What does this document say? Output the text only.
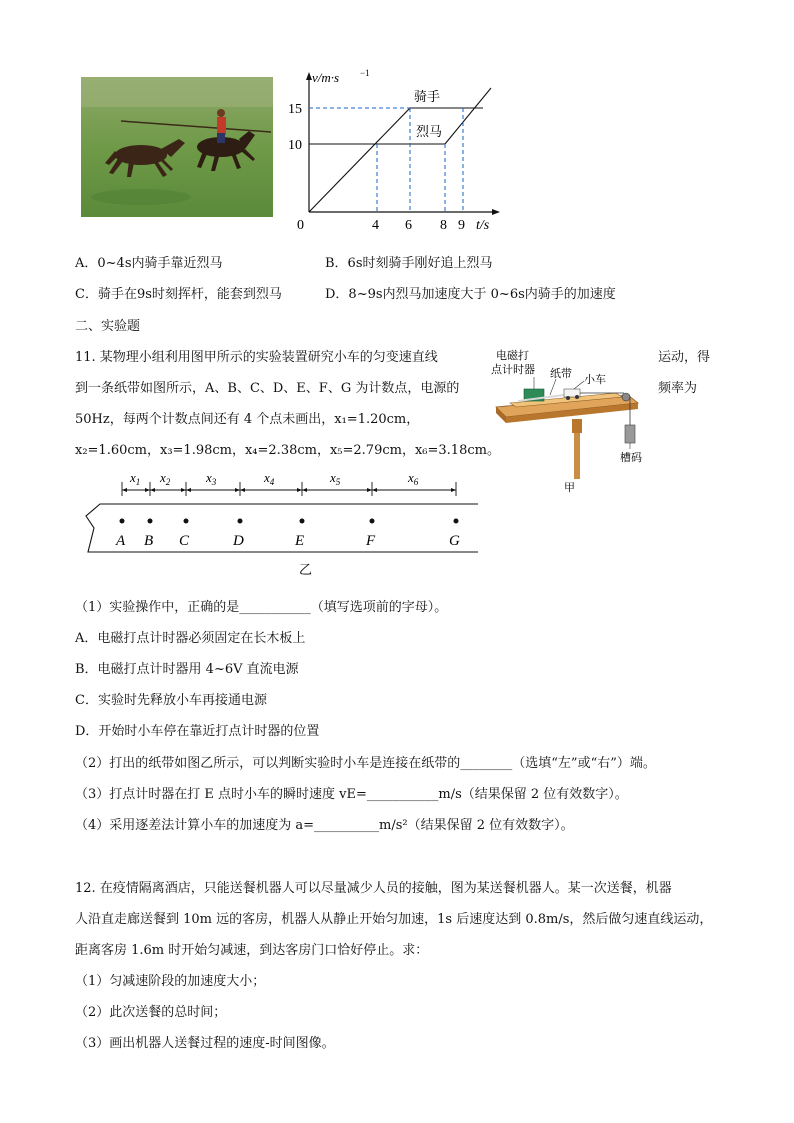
v/m·s −1
15
10
0	4 6 8 9 t/s
骑手
烈马
A．0~4s内骑手靠近烈马	B．6s时刻骑手刚好追上烈马
C．骑手在9s时刻挥杆，能套到烈马	D．8~9s内烈马加速度大于 0~6s内骑手的加速度
二、实验题
11. 某物理小组利用图甲所示的实验装置研究小车的匀变速直线	运动，得
到一条纸带如图所示，A、B、C、D、E、F、G 为计数点，电源的	频率为
50Hz，每两个计数点间还有 4 个点未画出，x₁=1.20cm，
x₂=1.60cm，x₃=1.98cm，x₄=2.38cm，x₅=2.79cm，x₆=3.18cm。
电磁打
点计时器 纸带 小车
槽码
甲
$x_1$ $x_2$	$x_3$	$x_4$	$x_5$	$x_6$
A B C	D	E	F	G
乙
（1）实验操作中，正确的是___________（填写选项前的字母）。
A．电磁打点计时器必须固定在长木板上
B．电磁打点计时器用 4~6V 直流电源
C．实验时先释放小车再接通电源
D．开始时小车停在靠近打点计时器的位置
（2）打出的纸带如图乙所示，可以判断实验时小车是连接在纸带的________（选填“左”或“右”）端。
（3）打点计时器在打 E 点时小车的瞬时速度 vE=___________m/s（结果保留 2 位有效数字）。
（4）采用逐差法计算小车的加速度为 a=__________m/s²（结果保留 2 位有效数字）。
12. 在疫情隔离酒店，只能送餐机器人可以尽量减少人员的接触，图为某送餐机器人。某一次送餐，机器
人沿直走廊送餐到 10m 远的客房，机器人从静止开始匀加速，1s 后速度达到 0.8m/s，然后做匀速直线运动，
距离客房 1.6m 时开始匀减速，到达客房门口恰好停止。求：
（1）匀减速阶段的加速度大小；
（2）此次送餐的总时间；
（3）画出机器人送餐过程的速度-时间图像。
